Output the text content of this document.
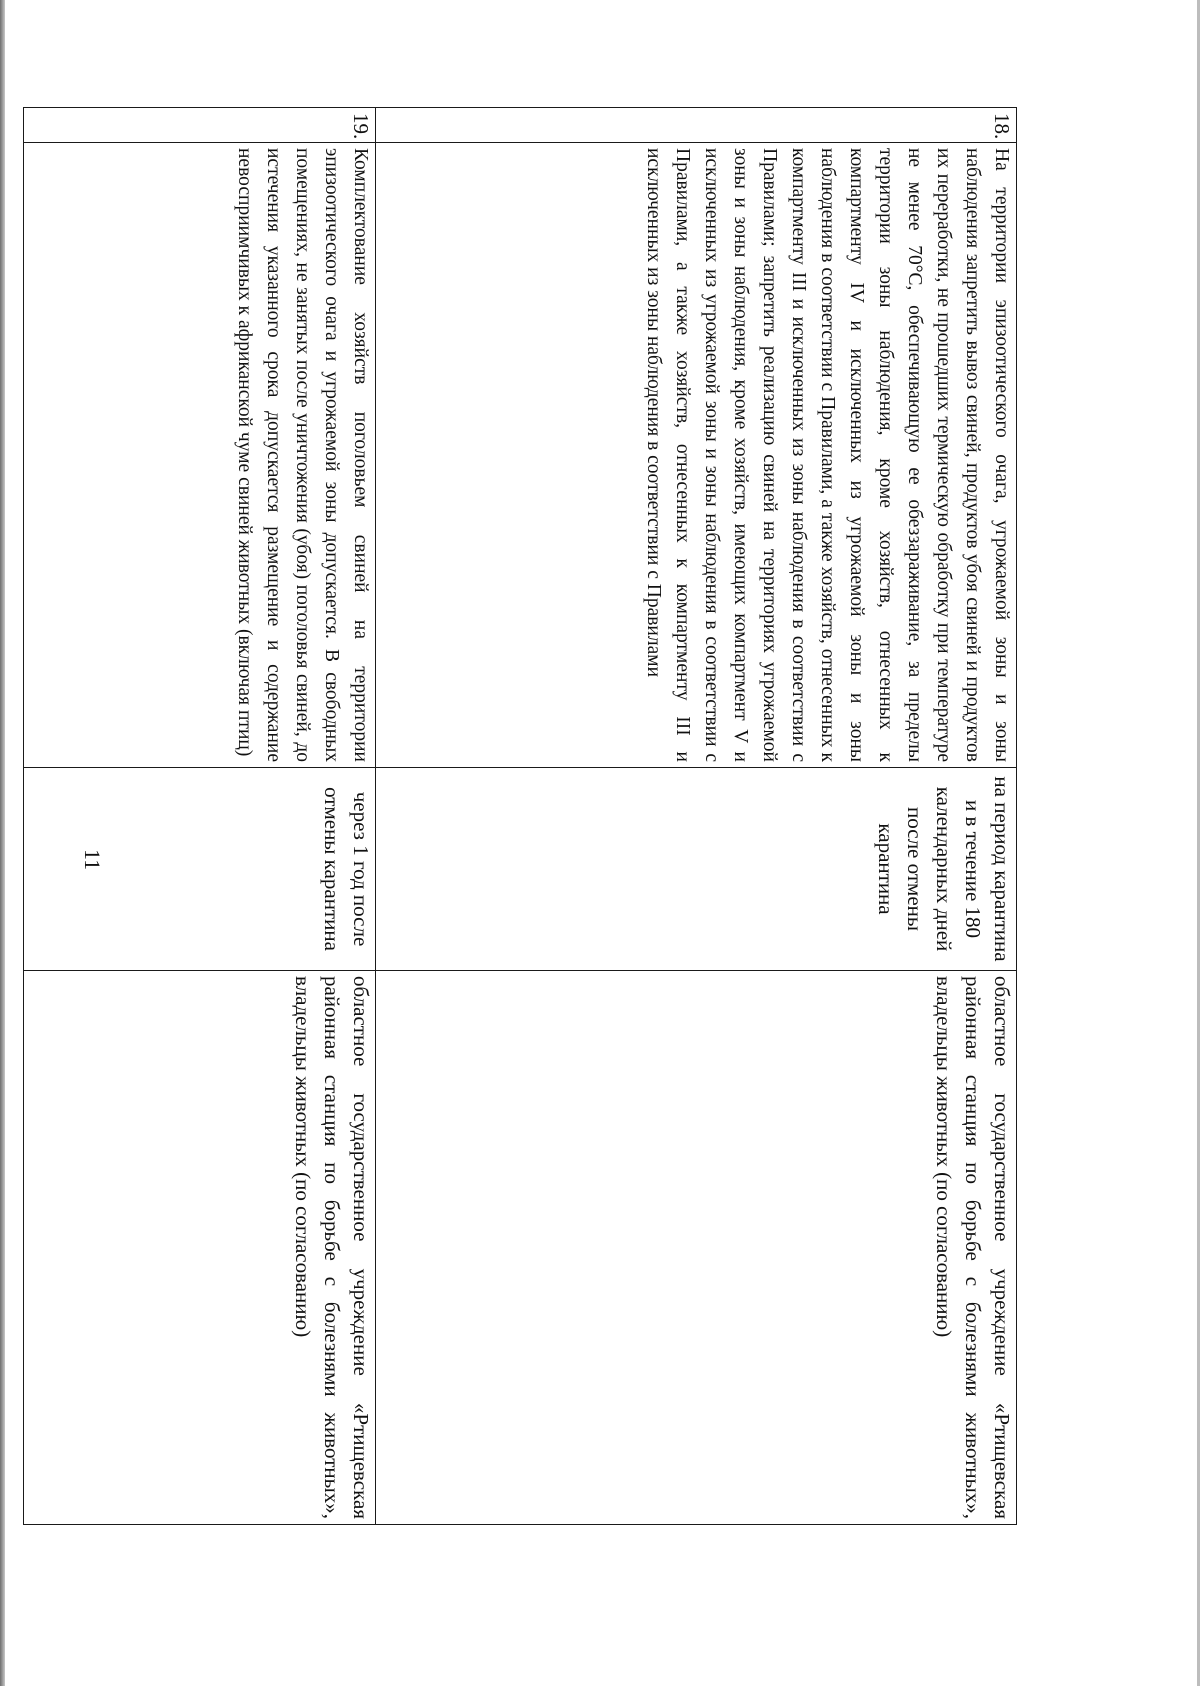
11
18.	На территории эпизоотического очага, угрожаемой зоны и зоны наблюдения запретить вывоз свиней, продуктов убоя свиней и продуктов их переработки, не прошедших термическую обработку при температуре не менее 70°С, обеспечивающую ее обеззараживание, за пределы территории зоны наблюдения, кроме хозяйств, отнесенных к компартменту IV и исключенных из угрожаемой зоны и зоны наблюдения в соответствии с Правилами, а также хозяйств, отнесенных к компартменту III и исключенных из зоны наблюдения в соответствии с Правилами; запретить реализацию свиней на территориях угрожаемой зоны и зоны наблюдения, кроме хозяйств, имеющих компартмент V и исключенных из угрожаемой зоны и зоны наблюдения в соответствии с Правилами, а также хозяйств, отнесенных к компартменту III и исключенных из зоны наблюдения в соответствии с Правилами	на период карантина и в течение 180 календарных дней после отмены карантина	областное государственное учреждение «Ртищевская районная станция по борьбе с болезнями животных», владельцы животных (по согласованию)

19.	Комплектование хозяйств поголовьем свиней на территории эпизоотического очага и угрожаемой зоны допускается. В свободных помещениях, не занятых после уничтожения (убоя) поголовья свиней, до истечения указанного срока допускается размещение и содержание невосприимчивых к африканской чуме свиней животных (включая птиц)	через 1 год после отмены карантина	областное государственное учреждение «Ртищевская районная станция по борьбе с болезнями животных», владельцы животных (по согласованию)
